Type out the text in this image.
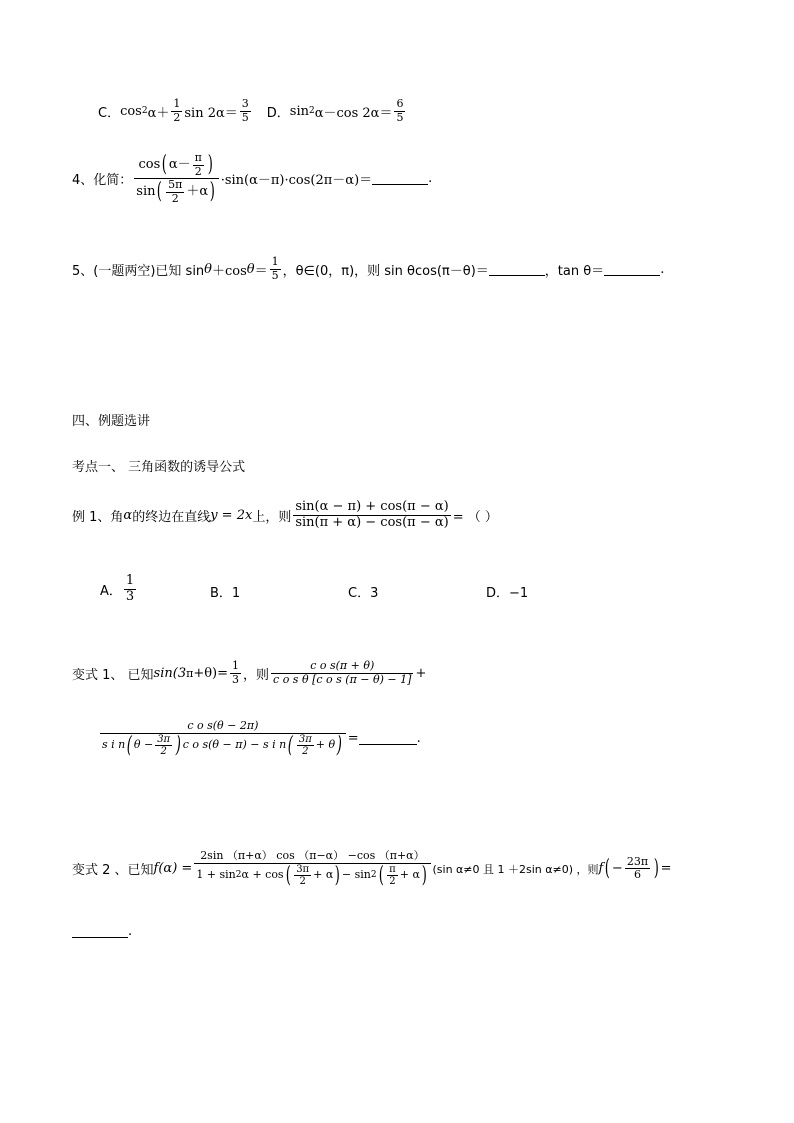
C． cos 2 $\alpha+ \frac{1}{2}$ $\sin 2\alpha= \frac{3}{5}$ D． sin 2 α－cos $2\alpha= \frac{6}{5}$
4、化简：
cos ( $\alpha- \frac{\pi}{2}$ )
sin ( $\frac{5\pi}{2} +\alpha$ ) ·sin(α－π)·cos(2π－α)＝	.
5、(一题两空)已知 sin θ ＋cos $\theta = \frac{1}{5}$ ，θ∈(0，π)，则 sin θcos(π－θ)＝	，tan θ＝	.
四、例题选讲
考点一、 三角函数的诱导公式
例 1、角 α 的终边在直线 y = 2x 上，则 $\frac{\sin(\alpha - \pi) + \cos(\pi - \alpha)}{\sin(\pi + \alpha) - \cos(\pi - \alpha)}$ = （ ）
A． $\frac{1}{3}$	B．1	C．3	D．−1
变式 1、 已知 sin(3 $\pi +\theta)= \frac{1}{3}$ ，则 $\frac{\text{c o s(π + θ)}}{\text{c o s θ [c o s (π − θ) − 1]}}$ +
c o s(θ − 2π)
s i n ( $\theta - \frac{3\pi}{2}$ ) c o s(θ − π) − s i n ( $\frac{3\pi}{2} + \theta$ ) =	.
变式 2 、已知 f(α) =
2sin （π+α） cos （π−α） −cos （π+α）
1 + sin 2 α + cos ( $\frac{3\pi}{2} + \alpha$ ) − sin 2 ( $\frac{\pi}{2} + \alpha$ ) (sin α≠0 且 1 ＋2sin α≠0) ，则 f ( − $\frac{23\pi}{6}$ ) =
.
